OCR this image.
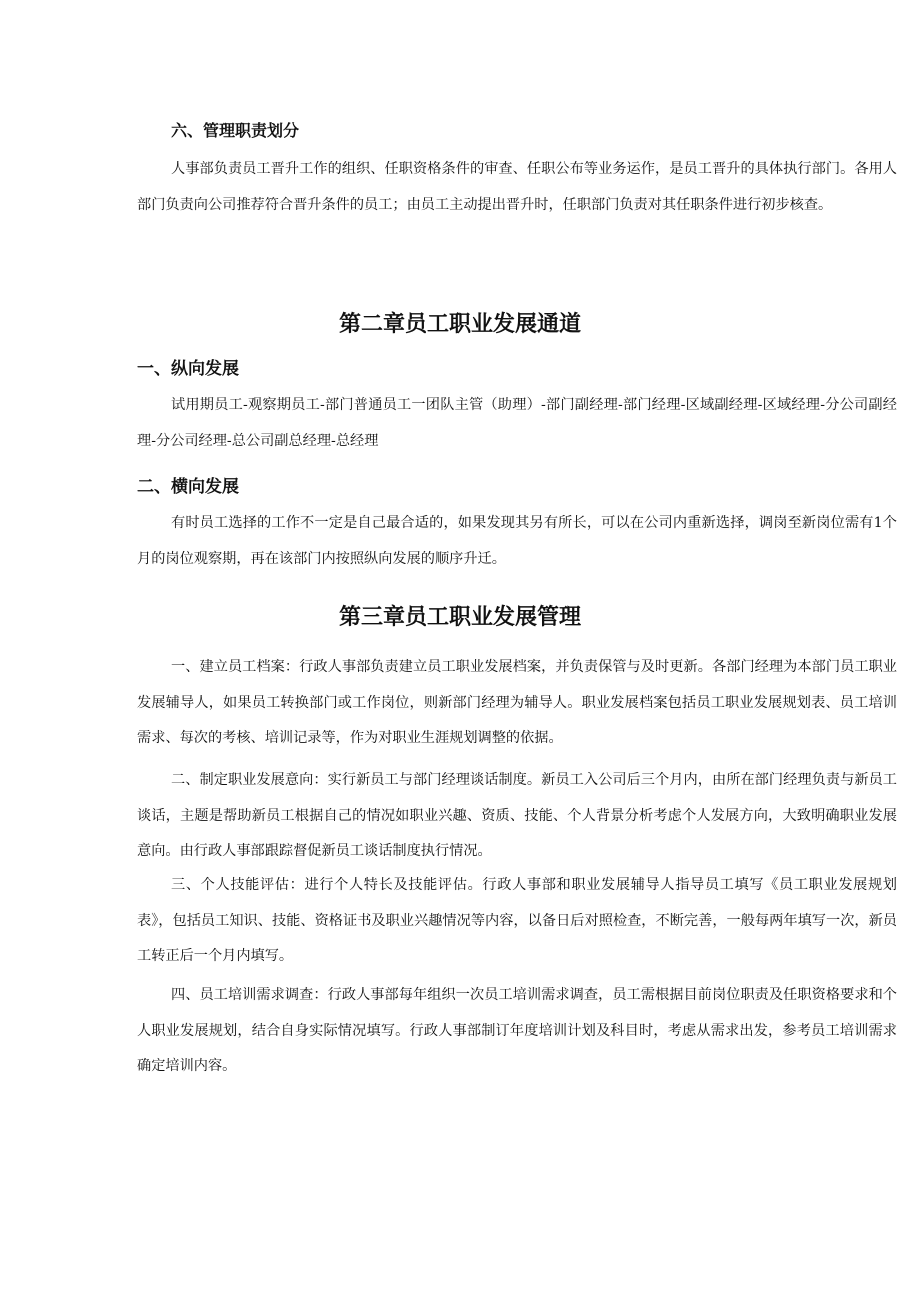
六、管理职责划分

人事部负责员工晋升工作的组织、任职资格条件的审查、任职公布等业务运作，是员工晋升的具体执行部门。各用人部门负责向公司推荐符合晋升条件的员工；由员工主动提出晋升时，任职部门负责对其任职条件进行初步核查。

第二章员工职业发展通道
一、纵向发展

试用期员工-观察期员工-部门普通员工一团队主管（助理）-部门副经理-部门经理-区域副经理-区域经理-分公司副经理-分公司经理-总公司副总经理-总经理

二、横向发展

有时员工选择的工作不一定是自己最合适的，如果发现其另有所长，可以在公司内重新选择，调岗至新岗位需有1个月的岗位观察期，再在该部门内按照纵向发展的顺序升迁。

第三章员工职业发展管理

一、建立员工档案：行政人事部负责建立员工职业发展档案，并负责保管与及时更新。各部门经理为本部门员工职业发展辅导人，如果员工转换部门或工作岗位，则新部门经理为辅导人。职业发展档案包括员工职业发展规划表、员工培训需求、每次的考核、培训记录等，作为对职业生涯规划调整的依据。

二、制定职业发展意向：实行新员工与部门经理谈话制度。新员工入公司后三个月内，由所在部门经理负责与新员工谈话，主题是帮助新员工根据自己的情况如职业兴趣、资质、技能、个人背景分析考虑个人发展方向，大致明确职业发展意向。由行政人事部跟踪督促新员工谈话制度执行情况。

三、个人技能评估：进行个人特长及技能评估。行政人事部和职业发展辅导人指导员工填写《员工职业发展规划表》，包括员工知识、技能、资格证书及职业兴趣情况等内容，以备日后对照检查，不断完善，一般每两年填写一次，新员工转正后一个月内填写。

四、员工培训需求调查：行政人事部每年组织一次员工培训需求调查，员工需根据目前岗位职责及任职资格要求和个人职业发展规划，结合自身实际情况填写。行政人事部制订年度培训计划及科目时，考虑从需求出发，参考员工培训需求确定培训内容。
